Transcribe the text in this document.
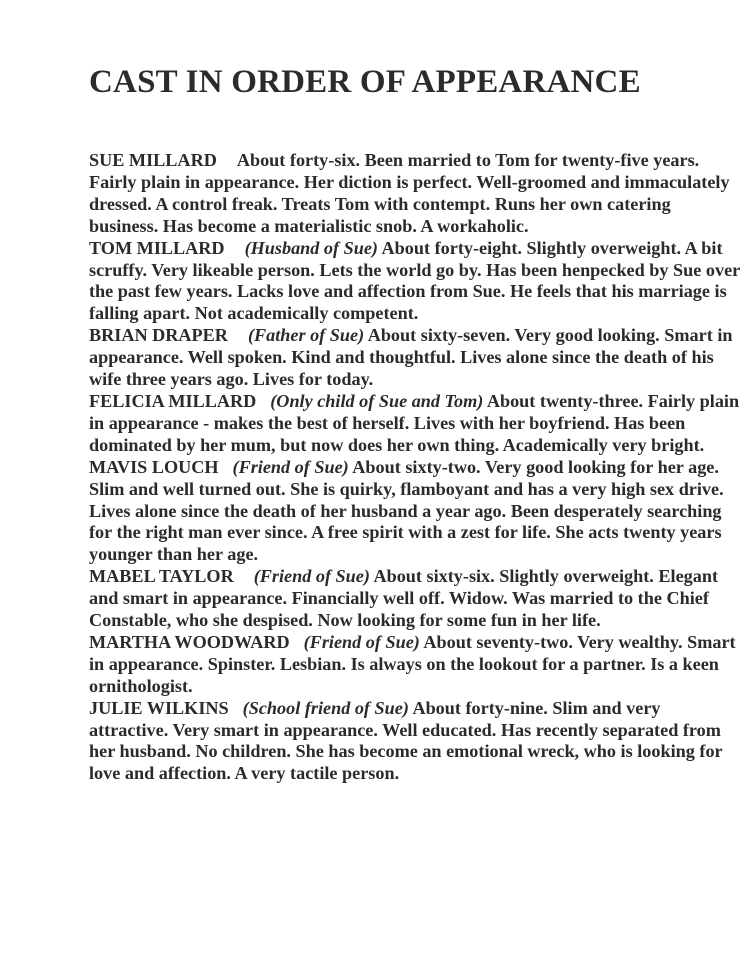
CAST IN ORDER OF APPEARANCE

SUE MILLARD About forty-six. Been married to Tom for twenty-five years. Fairly plain in appearance. Her diction is perfect. Well-groomed and immaculately dressed. A control freak. Treats Tom with contempt. Runs her own catering business. Has become a materialistic snob. A workaholic.

TOM MILLARD (Husband of Sue) About forty-eight. Slightly overweight. A bit scruffy. Very likeable person. Lets the world go by. Has been henpecked by Sue over the past few years. Lacks love and affection from Sue. He feels that his marriage is falling apart. Not academically competent.

BRIAN DRAPER (Father of Sue) About sixty-seven. Very good looking. Smart in appearance. Well spoken. Kind and thoughtful. Lives alone since the death of his wife three years ago. Lives for today.

FELICIA MILLARD (Only child of Sue and Tom) About twenty-three. Fairly plain in appearance - makes the best of herself. Lives with her boyfriend. Has been dominated by her mum, but now does her own thing. Academically very bright.

MAVIS LOUCH (Friend of Sue) About sixty-two. Very good looking for her age. Slim and well turned out. She is quirky, flamboyant and has a very high sex drive. Lives alone since the death of her husband a year ago. Been desperately searching for the right man ever since. A free spirit with a zest for life. She acts twenty years younger than her age.

MABEL TAYLOR (Friend of Sue) About sixty-six. Slightly overweight. Elegant and smart in appearance. Financially well off. Widow. Was married to the Chief Constable, who she despised. Now looking for some fun in her life.

MARTHA WOODWARD (Friend of Sue) About seventy-two. Very wealthy. Smart in appearance. Spinster. Lesbian. Is always on the lookout for a partner. Is a keen ornithologist.

JULIE WILKINS (School friend of Sue) About forty-nine. Slim and very attractive. Very smart in appearance. Well educated. Has recently separated from her husband. No children. She has become an emotional wreck, who is looking for love and affection. A very tactile person.
